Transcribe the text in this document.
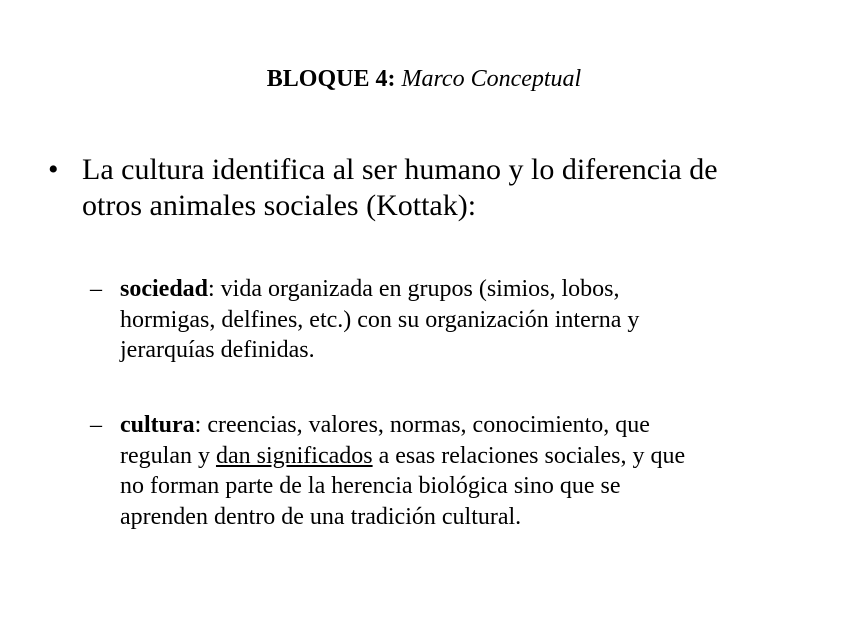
BLOQUE 4: Marco Conceptual
• La cultura identifica al ser humano y lo diferencia de
otros animales sociales (Kottak):
– sociedad: vida organizada en grupos (simios, lobos,
hormigas, delfines, etc.) con su organización interna y
jerarquías definidas.
– cultura: creencias, valores, normas, conocimiento, que
regulan y dan significados a esas relaciones sociales, y que
no forman parte de la herencia biológica sino que se
aprenden dentro de una tradición cultural.
